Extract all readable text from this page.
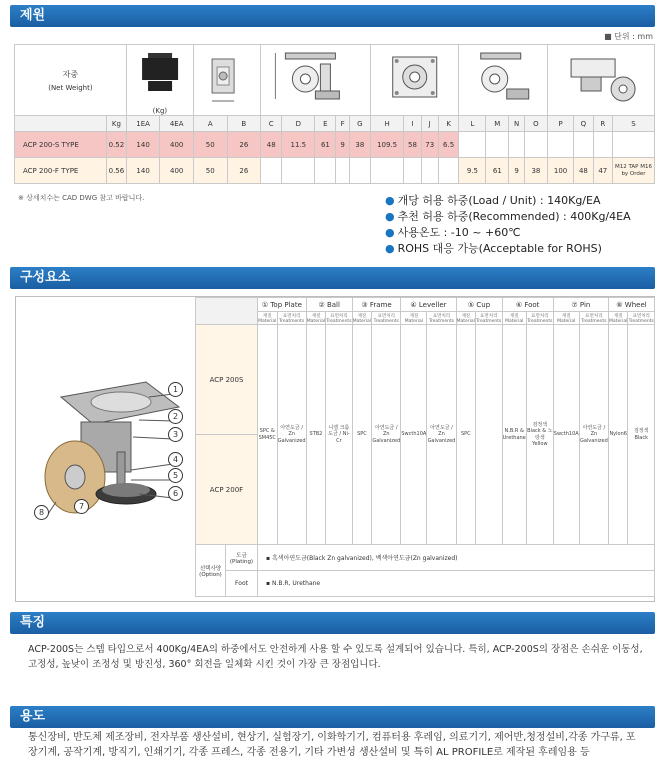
제원
■ 단위 : mm
자중
(Net Weight)		(Kg)

	Kg	1EA	4EA	A	B	C	D	E	F	G	H	I	J	K	L	M	N	O	P	Q	R	S
ACP 200-S TYPE	0.52	140	400	50	26	48	11.5	61	9	38	109.5	58	73	6.5								
ACP 200-F TYPE	0.56	140	400	50	26										9.5	61	9	38	100	48	47	M12 TAP M16 by Order
※ 상세치수는 CAD DWG 참고 바랍니다.	● 개당 허용 하중(Load / Unit) : 140Kg/EA
● 추천 허용 하중(Recommended) : 400Kg/4EA
● 사용온도 : -10 ~ +60℃
● ROHS 대응 가능(Acceptable for ROHS)
구성요소
1
2
3
4
5
6
7
8
		① Top Plate		② Ball		③ Frame		④ Leveller		⑤ Cup		⑥ Foot		⑦ Pin		⑧ Wheel	
		재질 Material	표면처리 Treatments	재질 Material	표면처리 Treatments	재질 Material	표면처리 Treatments	재질 Material	표면처리 Treatments	재질 Material	표면처리 Treatments	재질 Material	표면처리 Treatments	재질 Material	표면처리 Treatments	재질 Material	표면처리 Treatments
ACP 200S		SPC & SM45C	아연도금 / Zn Galvanized	STB2	니켈 크롬도금 / Ni-Cr	SPC	아연도금 / Zn Galvanized	Swcth10A	아연도금 / Zn Galvanized	SPC		N.B.R & Urethane	검정색 Black & 노랑색 Yellow	Swcth10A	아연도금 / Zn Galvanized	Nylon6	검정색 Black
ACP 200F																	
선택사양 (Option)	도금 (Plating)	▪ 흑색아연도금(Black Zn galvanized), 백색아연도금(Zn galvanized)															
	Foot	▪ N.B.R, Urethane															
특징
ACP-200S는 스템 타입으로서 400Kg/4EA의 하중에서도 안전하게 사용 할 수 있도록 설계되어 있습니다. 특히, ACP-200S의 장점은 손쉬운 이동성, 고정성, 높낮이 조정성 및 방진성, 360° 회전을 일체화 시킨 것이 가장 큰 장점입니다.
용도
통신장비, 반도체 제조장비, 전자부품 생산설비, 현상기, 실험장기, 이화학기기, 컴퓨터용 후레임, 의료기기, 제어반,청정설비,각종 가구류, 포장기계, 공작기계, 방직기, 인쇄기기, 각종 프레스, 각종 전용기, 기타 가변성 생산설비 및 특히 AL PROFILE로 제작된 후레임용 등
